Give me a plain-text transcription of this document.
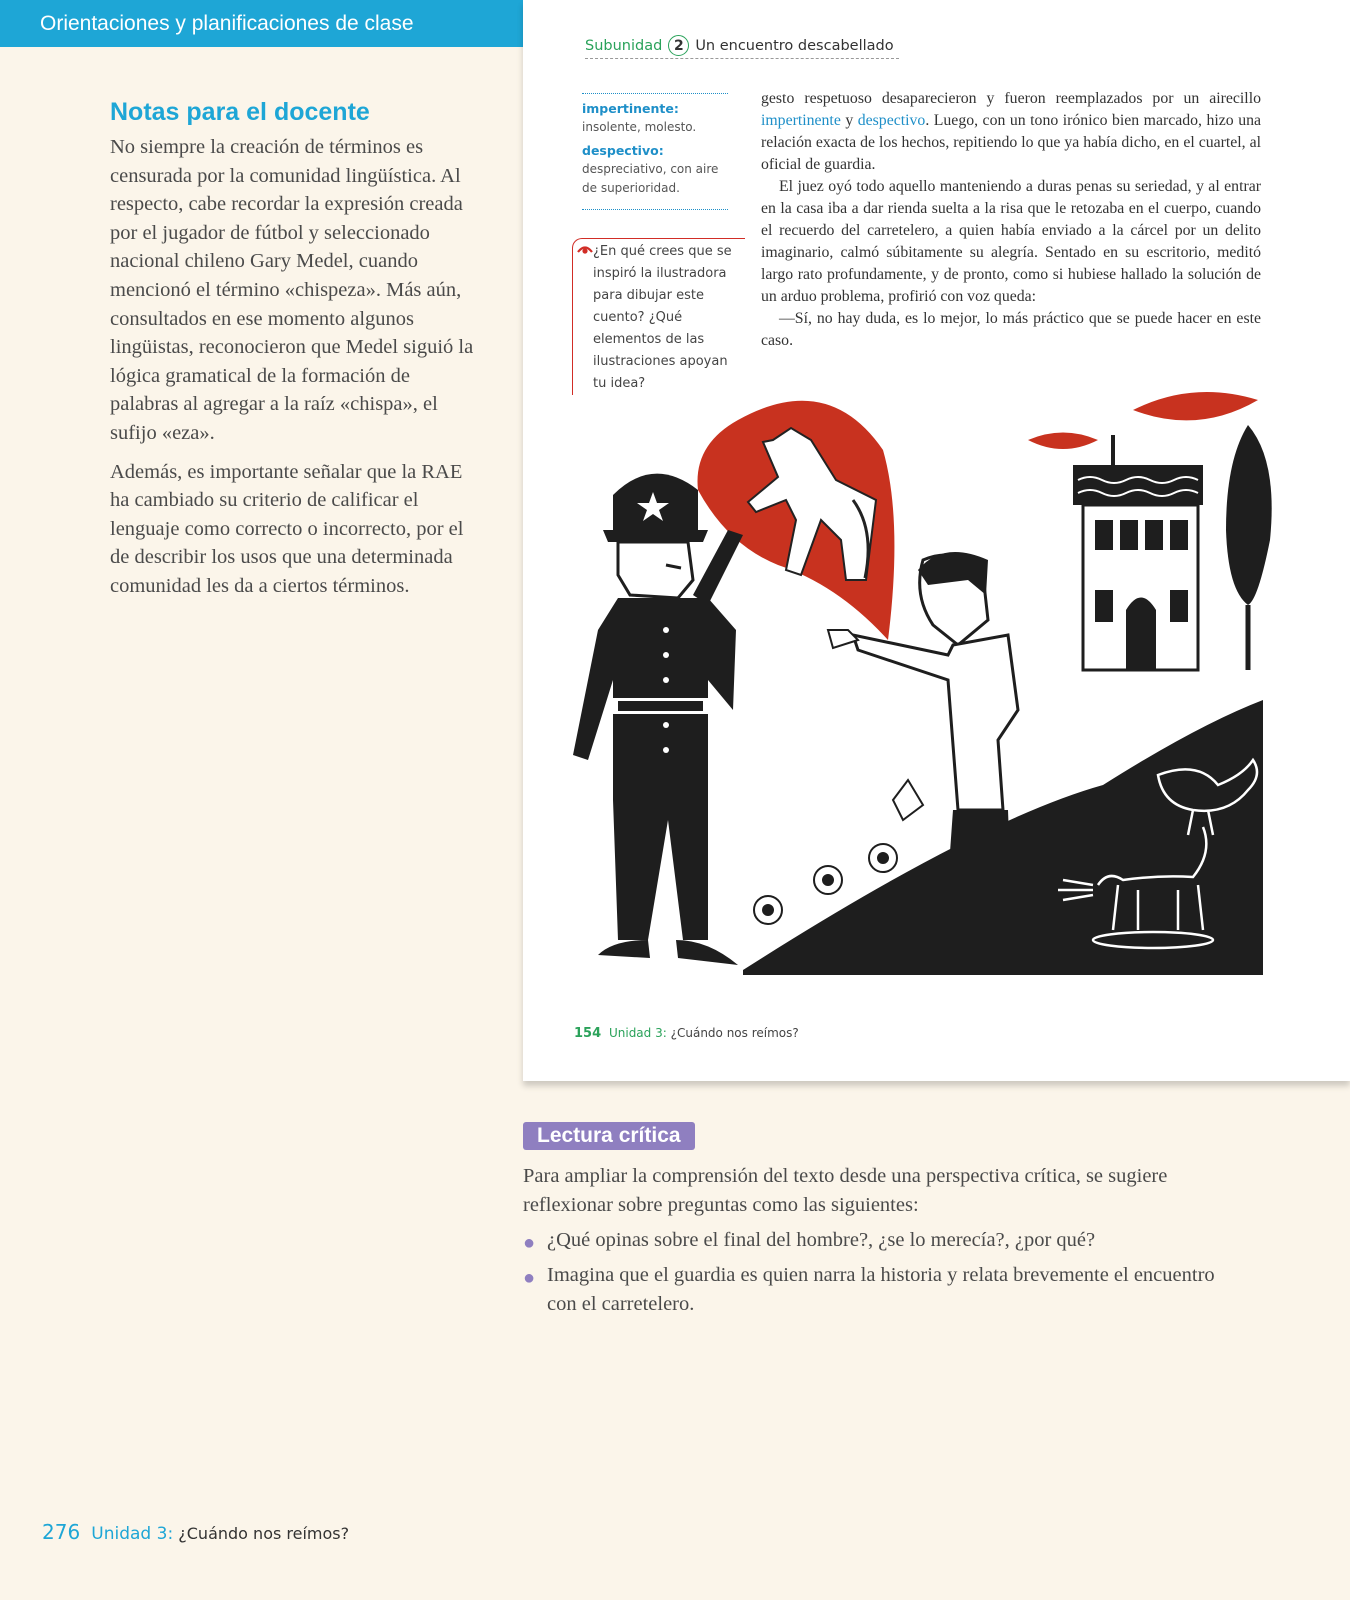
Orientaciones y planificaciones de clase
Notas para el docente

No siempre la creación de términos es censurada por la comunidad lingüística. Al respecto, cabe recordar la expresión creada por el jugador de fútbol y seleccionado nacional chileno Gary Medel, cuando mencionó el término «chispeza». Más aún, consultados en ese momento algunos lingüistas, reconocieron que Medel siguió la lógica gramatical de la formación de palabras al agregar a la raíz «chispa», el sufijo «eza».

Además, es importante señalar que la RAE ha cambiado su criterio de calificar el lenguaje como correcto o incorrecto, por el de describir los usos que una determinada comunidad les da a ciertos términos.

Subunidad 2 Un encuentro descabellado
impertinente:
insolente, molesto.
despectivo:
despreciativo, con aire de superioridad.
¿En qué crees que se inspiró la ilustradora para dibujar este cuento? ¿Qué elementos de las ilustraciones apoyan tu idea?

gesto respetuoso desaparecieron y fueron reemplazados por un airecillo impertinente y despectivo. Luego, con un tono irónico bien marcado, hizo una relación exacta de los hechos, repitiendo lo que ya había dicho, en el cuartel, al oficial de guardia.

El juez oyó todo aquello manteniendo a duras penas su seriedad, y al entrar en la casa iba a dar rienda suelta a la risa que le retozaba en el cuerpo, cuando el recuerdo del carretelero, a quien había enviado a la cárcel por un delito imaginario, calmó súbitamente su alegría. Sentado en su escritorio, meditó largo rato profundamente, y de pronto, como si hubiese hallado la solución de un arduo problema, profirió con voz queda:

—Sí, no hay duda, es lo mejor, lo más práctico que se puede hacer en este caso.

154 Unidad 3: ¿Cuándo nos reímos?
Lectura crítica

Para ampliar la comprensión del texto desde una perspectiva crítica, se sugiere reflexionar sobre preguntas como las siguientes:

● ¿Qué opinas sobre el final del hombre?, ¿se lo merecía?, ¿por qué?
● Imagina que el guardia es quien narra la historia y relata brevemente el encuentro con el carretelero.
276 Unidad 3: ¿Cuándo nos reímos?
